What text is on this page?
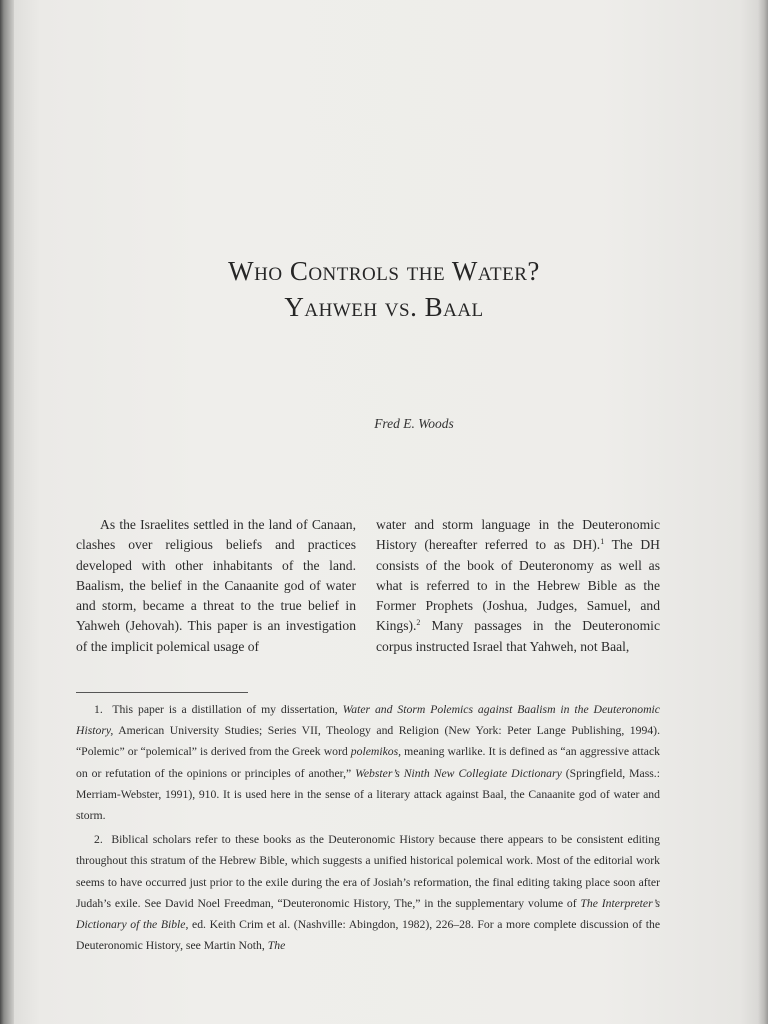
Who Controls the Water?
Yahweh vs. Baal
Fred E. Woods
As the Israelites settled in the land of Canaan, clashes over religious beliefs and practices developed with other inhabitants of the land. Baalism, the belief in the Canaanite god of water and storm, became a threat to the true belief in Yahweh (Jehovah). This paper is an investigation of the implicit polemical usage of
water and storm language in the Deuteronomic History (hereafter referred to as DH).$^1$ The DH consists of the book of Deuteronomy as well as what is referred to in the Hebrew Bible as the Former Prophets (Joshua, Judges, Samuel, and Kings).$^2$ Many passages in the Deuteronomic corpus instructed Israel that Yahweh, not Baal,

1. This paper is a distillation of my dissertation, Water and Storm Polemics against Baalism in the Deuteronomic History, American University Studies; Series VII, Theology and Religion (New York: Peter Lange Publishing, 1994). “Polemic” or “polemical” is derived from the Greek word polemikos, meaning warlike. It is defined as “an aggressive attack on or refutation of the opinions or principles of another,” Webster’s Ninth New Collegiate Dictionary (Springfield, Mass.: Merriam-Webster, 1991), 910. It is used here in the sense of a literary attack against Baal, the Canaanite god of water and storm.

2. Biblical scholars refer to these books as the Deuteronomic History because there appears to be consistent editing throughout this stratum of the Hebrew Bible, which suggests a unified historical polemical work. Most of the editorial work seems to have occurred just prior to the exile during the era of Josiah’s reformation, the final editing taking place soon after Judah’s exile. See David Noel Freedman, “Deuteronomic History, The,” in the supplementary volume of The Interpreter’s Dictionary of the Bible, ed. Keith Crim et al. (Nashville: Abingdon, 1982), 226–28. For a more complete discussion of the Deuteronomic History, see Martin Noth, The
